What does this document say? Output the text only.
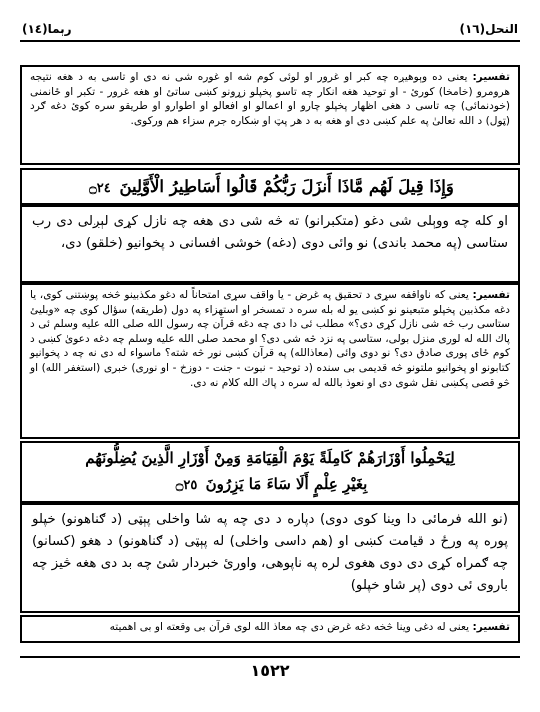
رېما(١٤)	النحل(١٦)
تفسير: يعنى ده وېوهيږه چه كبر او غرور او لوئى كوم شه او غوره شى نه دى او تاسى به د هغه نتيجه هرومرو (خامخا) كورئ - او توحيد هغه انكار چه تاسو پخپلو زړونو كښى ساتئ او هغه غرور - تكبر او ځانمنى (خودنمائى) چه تاسى د هغى اظهار پخپلو چارو او اعمالو او افعالو او اطوارو او طريقو سره كوئ دغه ګرد (ټول) د الله تعالىٰ په علم كښى دى او هغه به د هر پټ او ښكاره جرم سزاء هم وركوى.
وَإِذَا قِيلَ لَهُم مَّاذَا أَنزَلَ رَبُّكُمْ قَالُوا أَسَاطِيرُ الْأَوَّلِينَ ۝٢٤
او كله چه ووېلى شى دغو (متكبرانو) ته څه شى دى هغه چه نازل كړى لېږلى دى رب ستاسى (په محمد باندى) نو وائى دوى (دغه) خوشى افسانى د پخوانيو (خلقو) دى،
تفسير: يعنى كه ناواقفه سړى د تحقيق په غرض - يا واقف سړى امتحاناً له دغو مكذبينو څخه پوښتنى كوى، يا دغه مكذبين پخپلو متبعينو نو كښى يو له بله سره د تمسخر او استهزاء په دول (طريقه) سؤال كوى چه «وبليئ ستاسى رب څه شى نازل كړى دى؟» مطلب ئى دا دى چه دغه قرآن چه رسول الله صلى الله عليه وسلم ئى د پاك الله له لورى منزل بولى، ستاسى په نزد څه شى دى؟ او محمد صلى الله عليه وسلم چه دغه دعوىٰ كښى د كوم ځاى پورى صادق دى؟ نو دوى وائى (معاذالله) په قرآن كښى نور څه شته؟ ماسواء له دى نه چه د پخوانيو كتابونو او پخوانيو ملتونو څه قديمى بى سنده (د توحيد - نبوت - جنت - دوزخ - او نورى) خبرى (استغفر الله) او څو قصى پكښى نقل شوى دى او نعوذ بالله له سره د پاك الله كلام نه دى.
لِيَحْمِلُوا أَوْزَارَهُمْ كَامِلَةً يَوْمَ الْقِيَامَةِ وَمِنْ أَوْزَارِ الَّذِينَ يُضِلُّونَهُم
بِغَيْرِ عِلْمٍ أَلَا سَاءَ مَا يَزِرُونَ ۝٢٥
(نو الله فرمائى دا وينا كوى دوى) دپاره د دى چه په شا واخلى پېټى (د ګناهونو) خپلو پوره په ورځ د قيامت كښى او (هم داسى واخلى) له پېټى (د ګناهونو) د هغو (كسانو) چه ګمراه كړى دى دوى هغوى لره په ناپوهى، واورئ خبردار شئ چه بد دى هغه څيز چه باروى ئى دوى (پر شاو خپلو)
تفسير: يعنى له دغى وينا څخه دغه غرض دى چه معاذ الله لوى قرآن بى وقعته او بى اهميته
١٥٢٢
